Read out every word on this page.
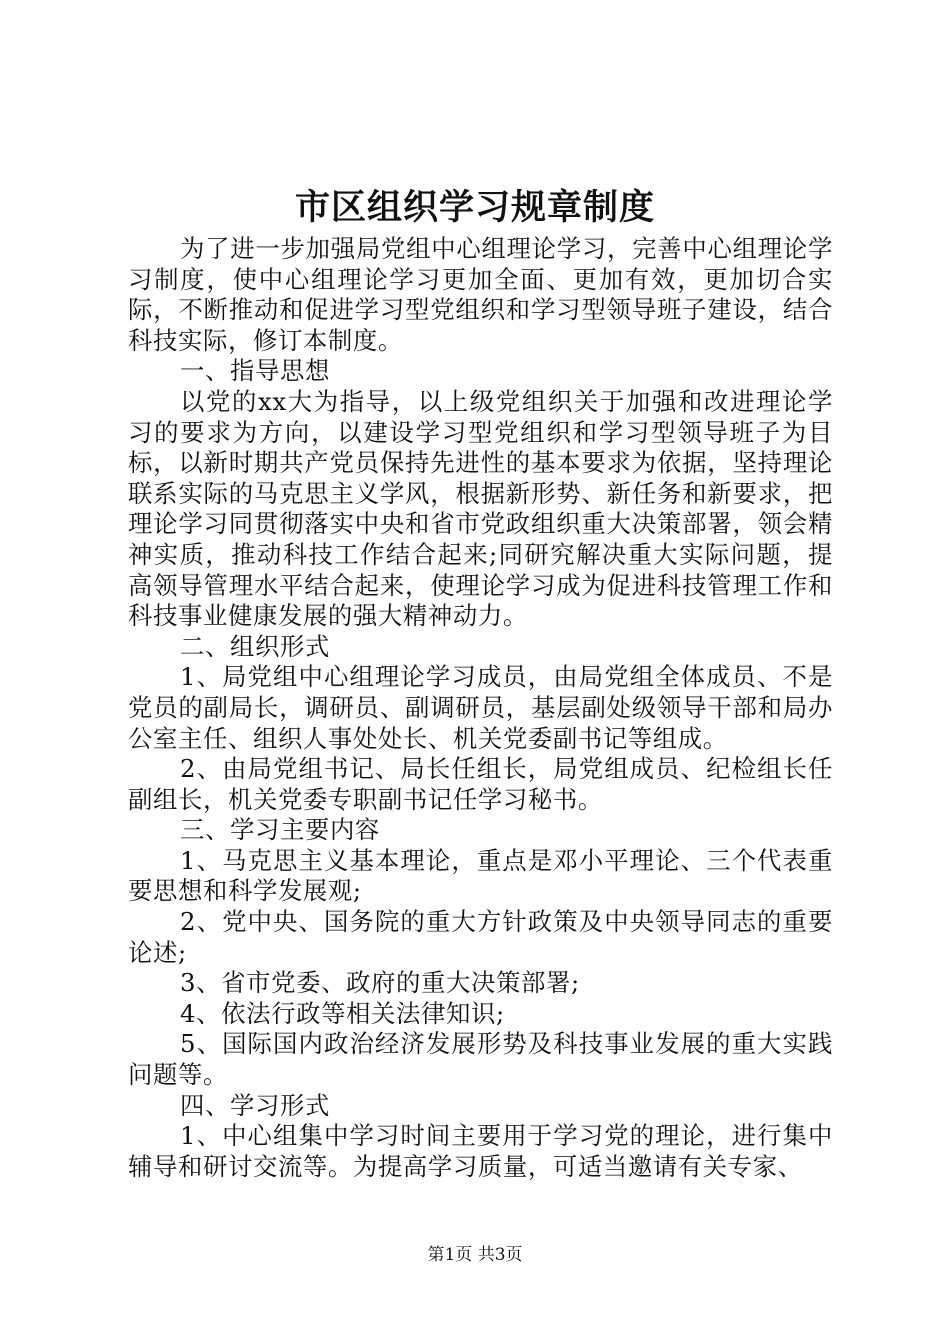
市区组织学习规章制度

为了进一步加强局党组中心组理论学习，完善中心组理论学习制度，使中心组理论学习更加全面、更加有效，更加切合实际，不断推动和促进学习型党组织和学习型领导班子建设，结合科技实际，修订本制度。

一、指导思想

以党的xx大为指导，以上级党组织关于加强和改进理论学习的要求为方向，以建设学习型党组织和学习型领导班子为目标，以新时期共产党员保持先进性的基本要求为依据，坚持理论联系实际的马克思主义学风，根据新形势、新任务和新要求，把理论学习同贯彻落实中央和省市党政组织重大决策部署，领会精神实质，推动科技工作结合起来;同研究解决重大实际问题，提高领导管理水平结合起来，使理论学习成为促进科技管理工作和科技事业健康发展的强大精神动力。

二、组织形式

1、局党组中心组理论学习成员，由局党组全体成员、不是党员的副局长，调研员、副调研员，基层副处级领导干部和局办公室主任、组织人事处处长、机关党委副书记等组成。

2、由局党组书记、局长任组长，局党组成员、纪检组长任副组长，机关党委专职副书记任学习秘书。

三、学习主要内容

1、马克思主义基本理论，重点是邓小平理论、三个代表重要思想和科学发展观;

2、党中央、国务院的重大方针政策及中央领导同志的重要论述;

3、省市党委、政府的重大决策部署;

4、依法行政等相关法律知识;

5、国际国内政治经济发展形势及科技事业发展的重大实践问题等。

四、学习形式

1、中心组集中学习时间主要用于学习党的理论，进行集中辅导和研讨交流等。为提高学习质量，可适当邀请有关专家、

第1页 共3页
